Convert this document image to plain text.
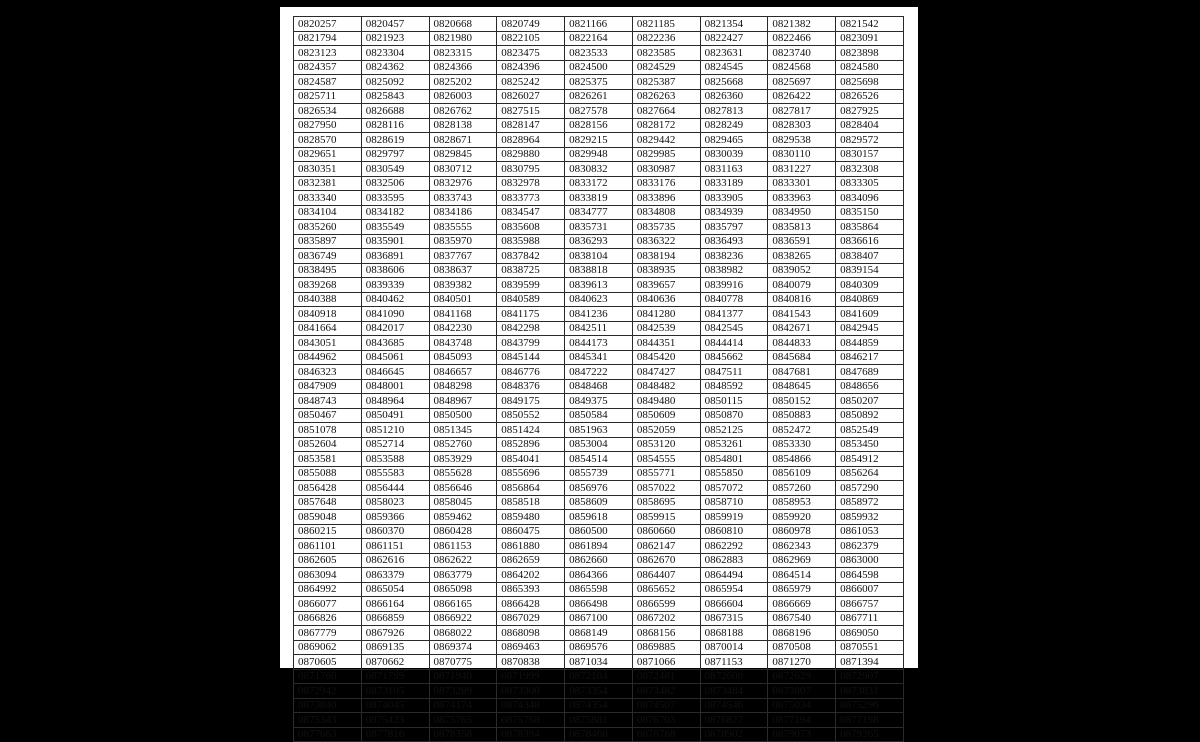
0820257	0820457	0820668	0820749	0821166	0821185	0821354	0821382	0821542
0821794	0821923	0821980	0822105	0822164	0822236	0822427	0822466	0823091
0823123	0823304	0823315	0823475	0823533	0823585	0823631	0823740	0823898
0824357	0824362	0824366	0824396	0824500	0824529	0824545	0824568	0824580
0824587	0825092	0825202	0825242	0825375	0825387	0825668	0825697	0825698
0825711	0825843	0826003	0826027	0826261	0826263	0826360	0826422	0826526
0826534	0826688	0826762	0827515	0827578	0827664	0827813	0827817	0827925
0827950	0828116	0828138	0828147	0828156	0828172	0828249	0828303	0828404
0828570	0828619	0828671	0828964	0829215	0829442	0829465	0829538	0829572
0829651	0829797	0829845	0829880	0829948	0829985	0830039	0830110	0830157
0830351	0830549	0830712	0830795	0830832	0830987	0831163	0831227	0832308
0832381	0832506	0832976	0832978	0833172	0833176	0833189	0833301	0833305
0833340	0833595	0833743	0833773	0833819	0833896	0833905	0833963	0834096
0834104	0834182	0834186	0834547	0834777	0834808	0834939	0834950	0835150
0835260	0835549	0835555	0835608	0835731	0835735	0835797	0835813	0835864
0835897	0835901	0835970	0835988	0836293	0836322	0836493	0836591	0836616
0836749	0836891	0837767	0837842	0838104	0838194	0838236	0838265	0838407
0838495	0838606	0838637	0838725	0838818	0838935	0838982	0839052	0839154
0839268	0839339	0839382	0839599	0839613	0839657	0839916	0840079	0840309
0840388	0840462	0840501	0840589	0840623	0840636	0840778	0840816	0840869
0840918	0841090	0841168	0841175	0841236	0841280	0841377	0841543	0841609
0841664	0842017	0842230	0842298	0842511	0842539	0842545	0842671	0842945
0843051	0843685	0843748	0843799	0844173	0844351	0844414	0844833	0844859
0844962	0845061	0845093	0845144	0845341	0845420	0845662	0845684	0846217
0846323	0846645	0846657	0846776	0847222	0847427	0847511	0847681	0847689
0847909	0848001	0848298	0848376	0848468	0848482	0848592	0848645	0848656
0848743	0848964	0848967	0849175	0849375	0849480	0850115	0850152	0850207
0850467	0850491	0850500	0850552	0850584	0850609	0850870	0850883	0850892
0851078	0851210	0851345	0851424	0851963	0852059	0852125	0852472	0852549
0852604	0852714	0852760	0852896	0853004	0853120	0853261	0853330	0853450
0853581	0853588	0853929	0854041	0854514	0854555	0854801	0854866	0854912
0855088	0855583	0855628	0855696	0855739	0855771	0855850	0856109	0856264
0856428	0856444	0856646	0856864	0856976	0857022	0857072	0857260	0857290
0857648	0858023	0858045	0858518	0858609	0858695	0858710	0858953	0858972
0859048	0859366	0859462	0859480	0859618	0859915	0859919	0859920	0859932
0860215	0860370	0860428	0860475	0860500	0860660	0860810	0860978	0861053
0861101	0861151	0861153	0861880	0861894	0862147	0862292	0862343	0862379
0862605	0862616	0862622	0862659	0862660	0862670	0862883	0862969	0863000
0863094	0863379	0863779	0864202	0864366	0864407	0864494	0864514	0864598
0864992	0865054	0865098	0865393	0865598	0865652	0865954	0865979	0866007
0866077	0866164	0866165	0866428	0866498	0866599	0866604	0866669	0866757
0866826	0866859	0866922	0867029	0867100	0867202	0867315	0867540	0867711
0867779	0867926	0868022	0868098	0868149	0868156	0868188	0868196	0869050
0869062	0869135	0869374	0869463	0869576	0869885	0870014	0870508	0870551
0870605	0870662	0870775	0870838	0871034	0871066	0871153	0871270	0871394
0871760	0871799	0871940	0871999	0872104	0872481	0872600	0872629	0872907
0872942	0873105	0873289	0873300	0873354	0873482	0873484	0873807	0873831
0873840	0874045	0874174	0874348	0874354	0874507	0874546	0875034	0875296
0875343	0875423	0875765	0875768	0875881	0876703	0876827	0877194	0877198
0877663	0877816	0878358	0878394	0878460	0878768	0878902	0879073	0879265
